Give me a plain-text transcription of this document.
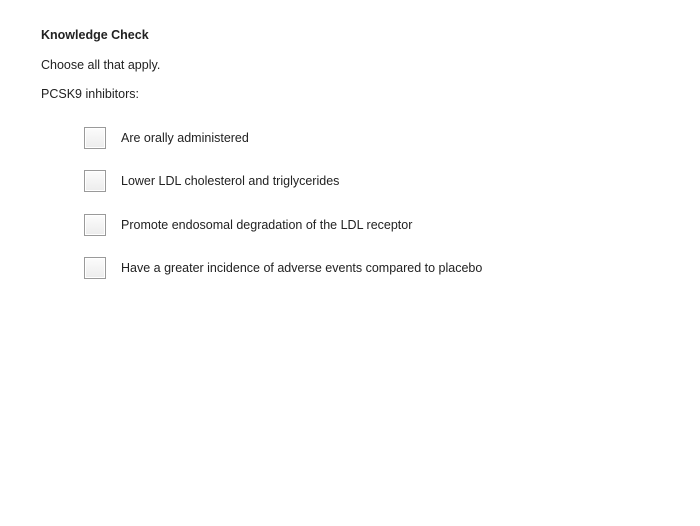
Knowledge Check
Choose all that apply.
PCSK9 inhibitors:
Are orally administered
Lower LDL cholesterol and triglycerides
Promote endosomal degradation of the LDL receptor
Have a greater incidence of adverse events compared to placebo
